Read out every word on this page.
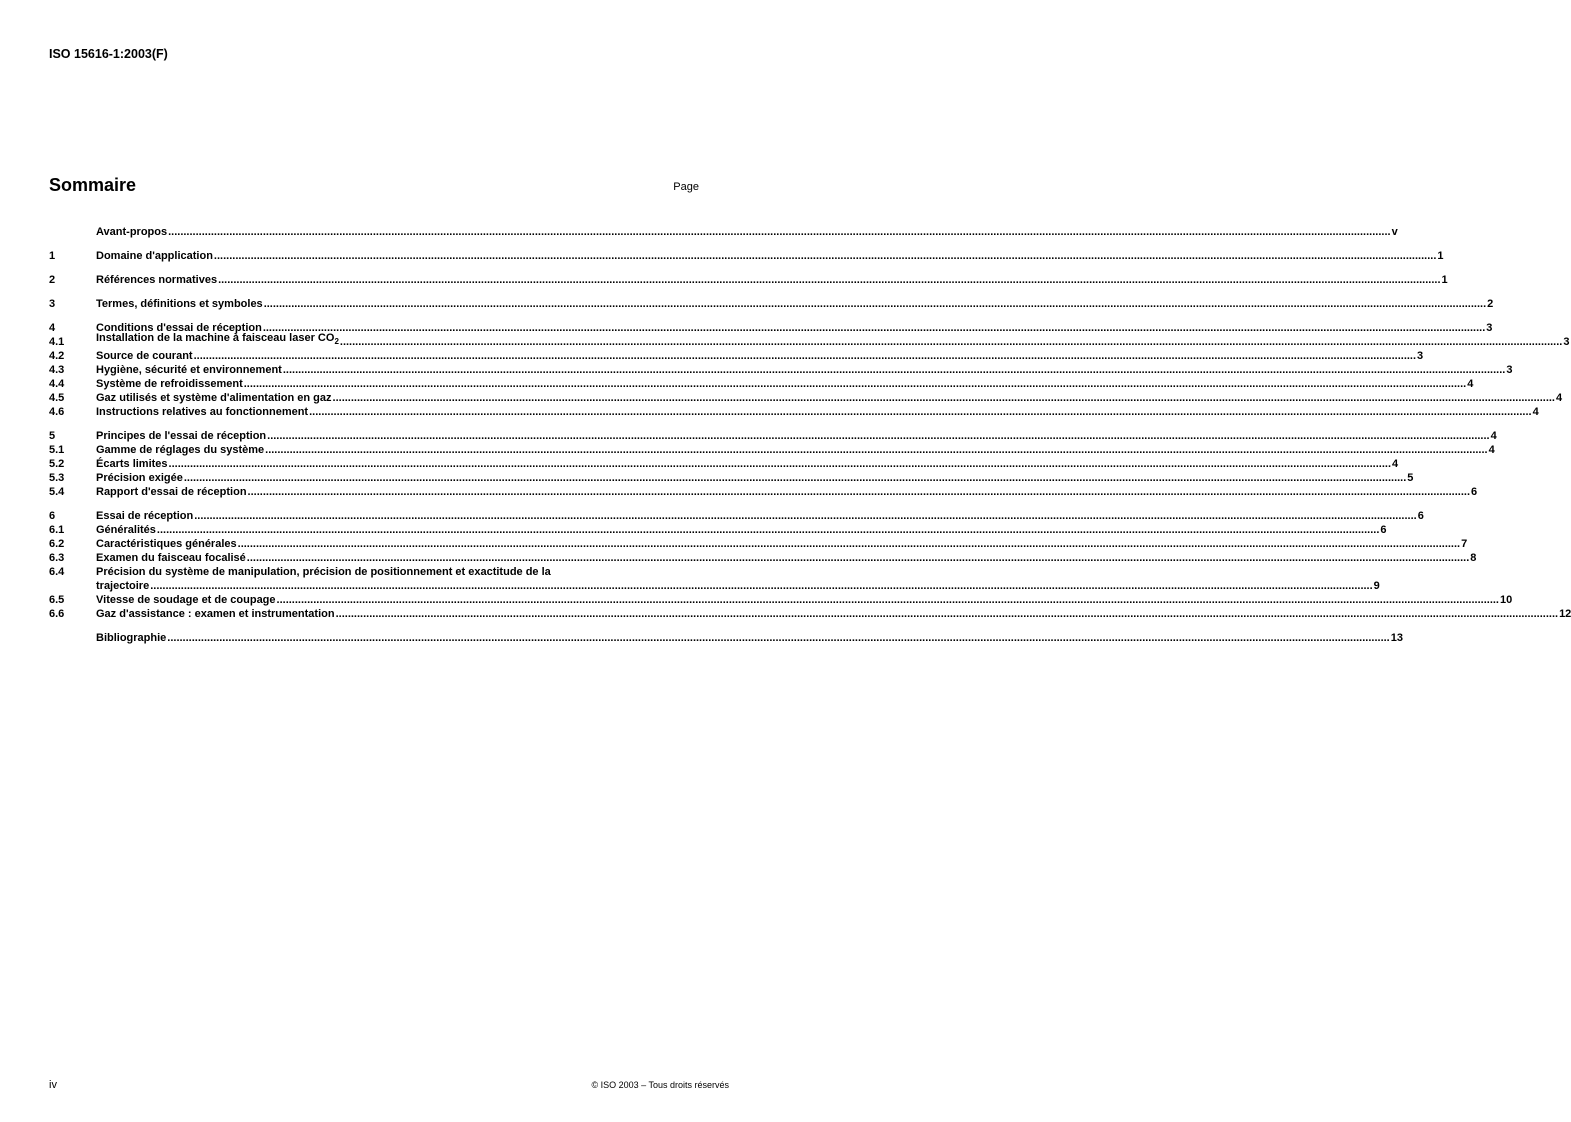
ISO 15616-1:2003(F)
Sommaire	Page
Avant-propos ................................................................................................................................................................................................................................................................................................................................................................................................................ v
1	Domaine d'application ................................................................................................................................................................................................................................................................................................................................................................................................................ 1
2	Références normatives ................................................................................................................................................................................................................................................................................................................................................................................................................ 1
3	Termes, définitions et symboles ................................................................................................................................................................................................................................................................................................................................................................................................................ 2
4	Conditions d'essai de réception ................................................................................................................................................................................................................................................................................................................................................................................................................ 3
4.1	Installation de la machine à faisceau laser $CO_2$ ................................................................................................................................................................................................................................................................................................................................................................................................................ 3
4.2	Source de courant ................................................................................................................................................................................................................................................................................................................................................................................................................ 3
4.3	Hygiène, sécurité et environnement ................................................................................................................................................................................................................................................................................................................................................................................................................ 3
4.4	Système de refroidissement ................................................................................................................................................................................................................................................................................................................................................................................................................ 4
4.5	Gaz utilisés et système d'alimentation en gaz ................................................................................................................................................................................................................................................................................................................................................................................................................ 4
4.6	Instructions relatives au fonctionnement ................................................................................................................................................................................................................................................................................................................................................................................................................ 4
5	Principes de l'essai de réception ................................................................................................................................................................................................................................................................................................................................................................................................................ 4
5.1	Gamme de réglages du système ................................................................................................................................................................................................................................................................................................................................................................................................................ 4
5.2	Écarts limites ................................................................................................................................................................................................................................................................................................................................................................................................................ 4
5.3	Précision exigée ................................................................................................................................................................................................................................................................................................................................................................................................................ 5
5.4	Rapport d'essai de réception ................................................................................................................................................................................................................................................................................................................................................................................................................ 6
6	Essai de réception ................................................................................................................................................................................................................................................................................................................................................................................................................ 6
6.1	Généralités ................................................................................................................................................................................................................................................................................................................................................................................................................ 6
6.2	Caractéristiques générales ................................................................................................................................................................................................................................................................................................................................................................................................................ 7
6.3	Examen du faisceau focalisé ................................................................................................................................................................................................................................................................................................................................................................................................................ 8
6.4	Précision du système de manipulation, précision de positionnement et exactitude de la
trajectoire ................................................................................................................................................................................................................................................................................................................................................................................................................ 9
6.5	Vitesse de soudage et de coupage ................................................................................................................................................................................................................................................................................................................................................................................................................ 10
6.6	Gaz d'assistance : examen et instrumentation ................................................................................................................................................................................................................................................................................................................................................................................................................ 12
Bibliographie ................................................................................................................................................................................................................................................................................................................................................................................................................ 13
iv	© ISO 2003 – Tous droits réservés
